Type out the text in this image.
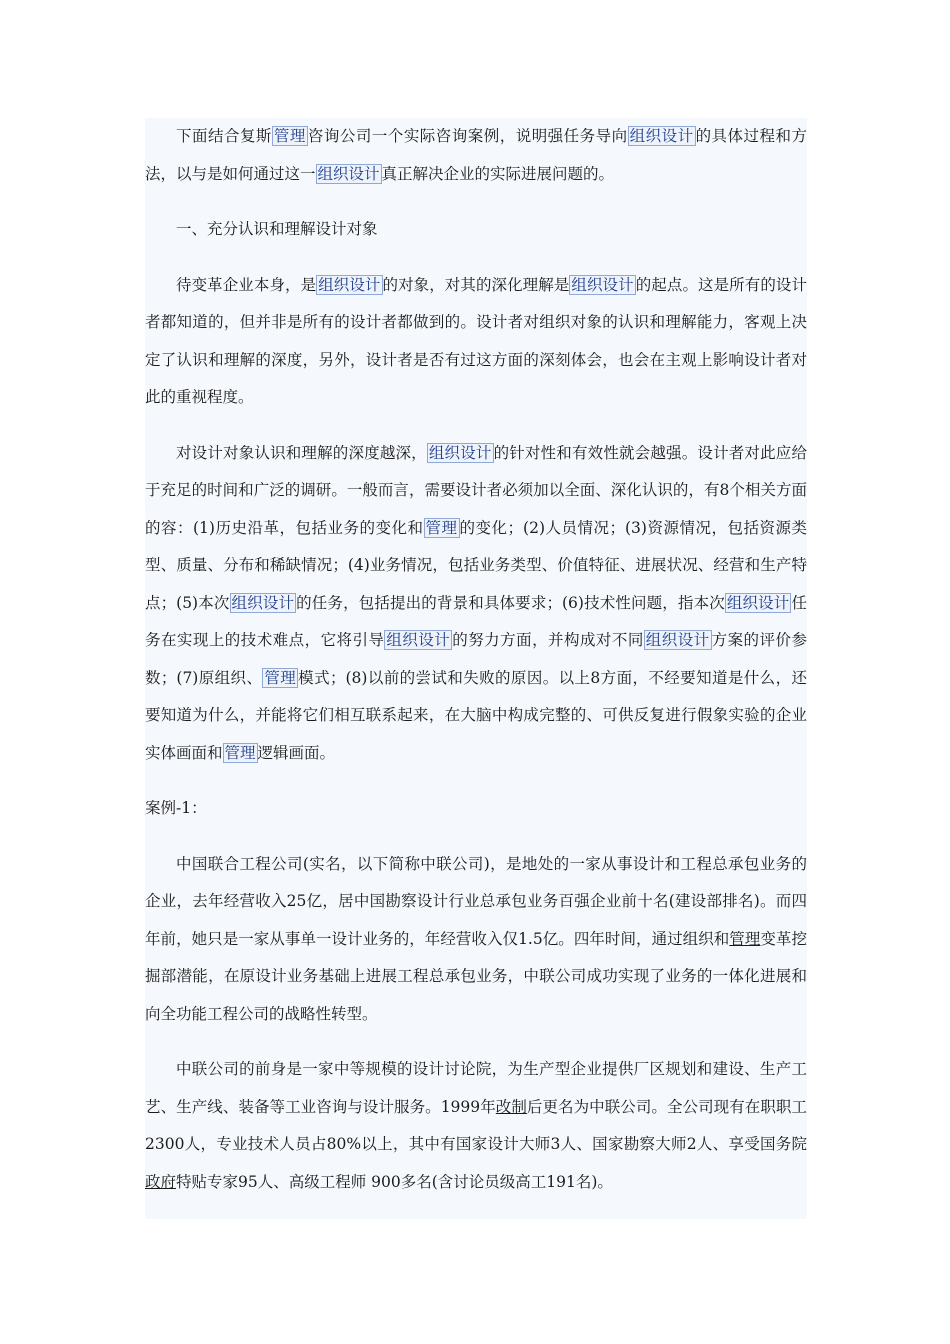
下面结合复斯 管理 咨询公司一个实际咨询案例，说明强任务导向 组织设计 的具体过程和方法，以与是如何通过这一 组织设计 真正解决企业的实际进展问题的。

一、充分认识和理解设计对象

待变革企业本身，是 组织设计 的对象，对其的深化理解是 组织设计 的起点。这是所有的设计者都知道的，但并非是所有的设计者都做到的。设计者对组织对象的认识和理解能力，客观上决定了认识和理解的深度，另外，设计者是否有过这方面的深刻体会，也会在主观上影响设计者对此的重视程度。

对设计对象认识和理解的深度越深， 组织设计 的针对性和有效性就会越强。设计者对此应给于充足的时间和广泛的调研。一般而言，需要设计者必须加以全面、深化认识的，有8个相关方面的容：(1)历史沿革，包括业务的变化和 管理 的变化；(2)人员情况；(3)资源情况，包括资源类型、质量、分布和稀缺情况；(4)业务情况，包括业务类型、价值特征、进展状况、经营和生产特点；(5)本次 组织设计 的任务，包括提出的背景和具体要求；(6)技术性问题，指本次 组织设计 任务在实现上的技术难点，它将引导 组织设计 的努力方面，并构成对不同 组织设计 方案的评价参数；(7)原组织、 管理 模式；(8)以前的尝试和失败的原因。以上8方面，不经要知道是什么，还要知道为什么，并能将它们相互联系起来，在大脑中构成完整的、可供反复进行假象实验的企业实体画面和 管理 逻辑画面。

案例-1：

中国联合工程公司(实名，以下简称中联公司)，是地处的一家从事设计和工程总承包业务的企业，去年经营收入25亿，居中国勘察设计行业总承包业务百强企业前十名(建设部排名)。而四年前，她只是一家从事单一设计业务的，年经营收入仅1.5亿。四年时间，通过组织和管理变革挖掘部潜能，在原设计业务基础上进展工程总承包业务，中联公司成功实现了业务的一体化进展和向全功能工程公司的战略性转型。

中联公司的前身是一家中等规模的设计讨论院，为生产型企业提供厂区规划和建设、生产工艺、生产线、装备等工业咨询与设计服务。1999年改制后更名为中联公司。全公司现有在职职工2300人，专业技术人员占80%以上，其中有国家设计大师3人、国家勘察大师2人、享受国务院政府特贴专家95人、高级工程师 900多名(含讨论员级高工191名)。
